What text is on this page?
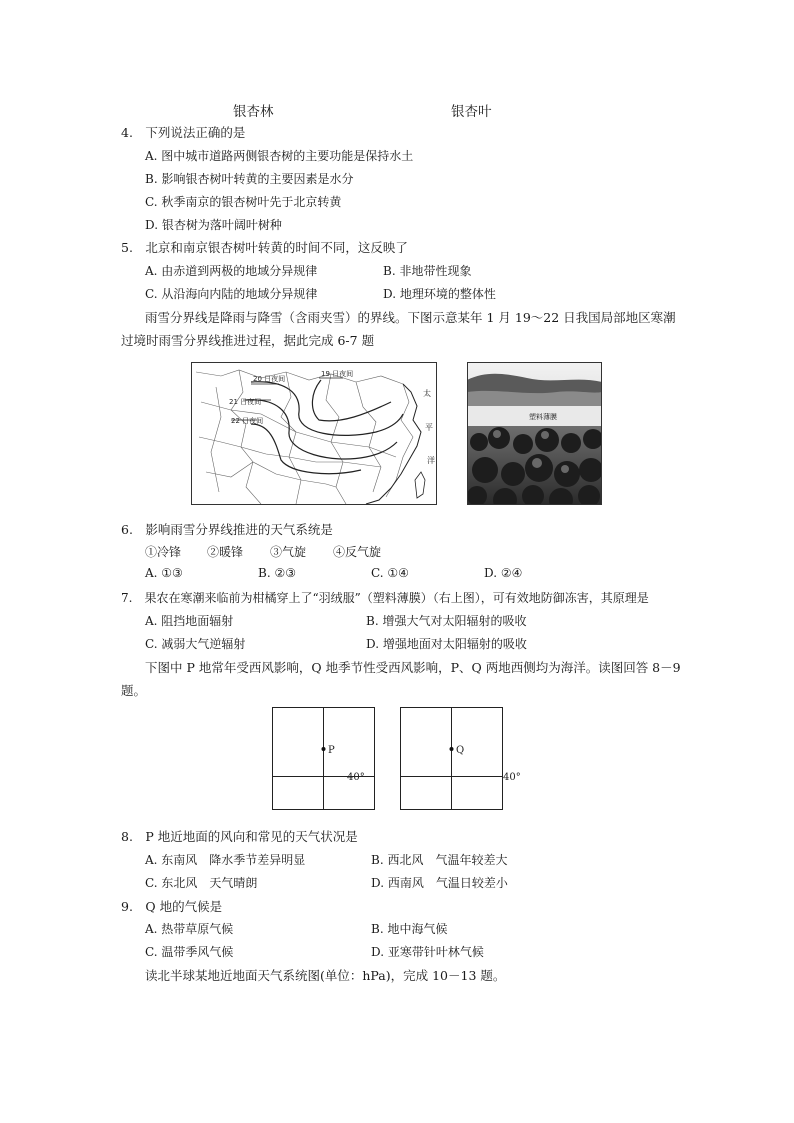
银杏林	银杏叶
4.　下列说法正确的是
A. 图中城市道路两侧银杏树的主要功能是保持水土
B. 影响银杏树叶转黄的主要因素是水分
C. 秋季南京的银杏树叶先于北京转黄
D. 银杏树为落叶阔叶树种
5.　北京和南京银杏树叶转黄的时间不同，这反映了
A. 由赤道到两极的地域分异规律	B. 非地带性现象
C. 从沿海向内陆的地域分异规律	D. 地理环境的整体性
雨雪分界线是降雨与降雪（含雨夹雪）的界线。下图示意某年 1 月 19～22 日我国局部地区寒潮
过境时雨雪分界线推进过程，据此完成 6-7 题
20 日夜间
19 日夜间
21 日夜间
22 日夜间
太
平
洋
塑料薄膜
6.　影响雨雪分界线推进的天气系统是
①冷锋 ②暖锋 ③气旋 ④反气旋
A. ①③	B. ②③	C. ①④	D. ②④
7.　果农在寒潮来临前为柑橘穿上了“羽绒服”（塑料薄膜）（右上图），可有效地防御冻害，其原理是
A. 阻挡地面辐射	B. 增强大气对太阳辐射的吸收
C. 减弱大气逆辐射	D. 增强地面对太阳辐射的吸收
下图中 P 地常年受西风影响，Q 地季节性受西风影响，P、Q 两地西侧均为海洋。读图回答 8－9
题。
P
40°
Q
40°
8.　P 地近地面的风向和常见的天气状况是
A. 东南风　降水季节差异明显	B. 西北风　气温年较差大
C. 东北风　天气晴朗	D. 西南风　气温日较差小
9.　Q 地的气候是
A. 热带草原气候	B. 地中海气候
C. 温带季风气候	D. 亚寒带针叶林气候
读北半球某地近地面天气系统图(单位：hPa)，完成 10－13 题。
